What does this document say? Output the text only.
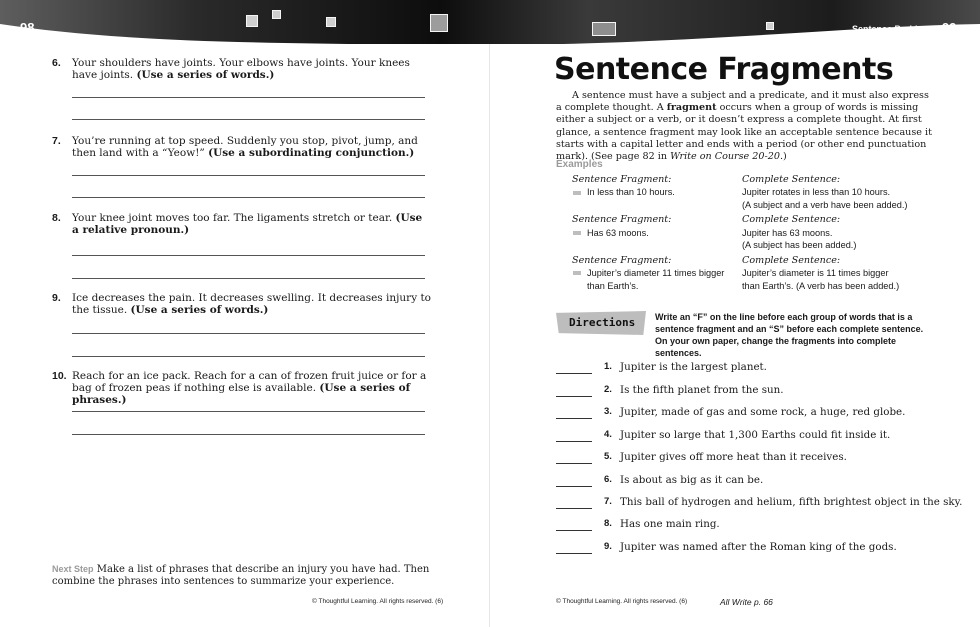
98	99
Sentence Problems
6. Your shoulders have joints. Your elbows have joints. Your knees have joints. (Use a series of words.)
7. You’re running at top speed. Suddenly you stop, pivot, jump, and then land with a “Yeow!” (Use a subordinating conjunction.)
8. Your knee joint moves too far. The ligaments stretch or tear. (Use a relative pronoun.)
9. Ice decreases the pain. It decreases swelling. It decreases injury to the tissue. (Use a series of words.)
10. Reach for an ice pack. Reach for a can of frozen fruit juice or for a bag of frozen peas if nothing else is available. (Use a series of phrases.)
Next Step Make a list of phrases that describe an injury you have had. Then combine the phrases into sentences to summarize your experience.
© Thoughtful Learning. All rights reserved. (6)
Sentence Fragments
A sentence must have a subject and a predicate, and it must also express a complete thought. A fragment occurs when a group of words is missing either a subject or a verb, or it doesn’t express a complete thought. At first glance, a sentence fragment may look like an acceptable sentence because it starts with a capital letter and ends with a period (or other end punctuation mark). (See page 82 in Write on Course 20-20.)
Examples
Sentence Fragment:
In less than 10 hours.
Complete Sentence:
Jupiter rotates in less than 10 hours.
(A subject and a verb have been added.)
Sentence Fragment:
Has 63 moons.
Complete Sentence:
Jupiter has 63 moons.
(A subject has been added.)
Sentence Fragment:
Jupiter’s diameter 11 times bigger than Earth’s.
Complete Sentence:
Jupiter’s diameter is 11 times bigger
than Earth’s. (A verb has been added.)
Directions Write an “F” on the line before each group of words that is a sentence fragment and an “S” before each complete sentence. On your own paper, change the fragments into complete sentences.
1. Jupiter is the largest planet.
2. Is the fifth planet from the sun.
3. Jupiter, made of gas and some rock, a huge, red globe.
4. Jupiter so large that 1,300 Earths could fit inside it.
5. Jupiter gives off more heat than it receives.
6. Is about as big as it can be.
7. This ball of hydrogen and helium, fifth brightest object in the sky.
8. Has one main ring.
9. Jupiter was named after the Roman king of the gods.
© Thoughtful Learning. All rights reserved. (6)	All Write p. 66
